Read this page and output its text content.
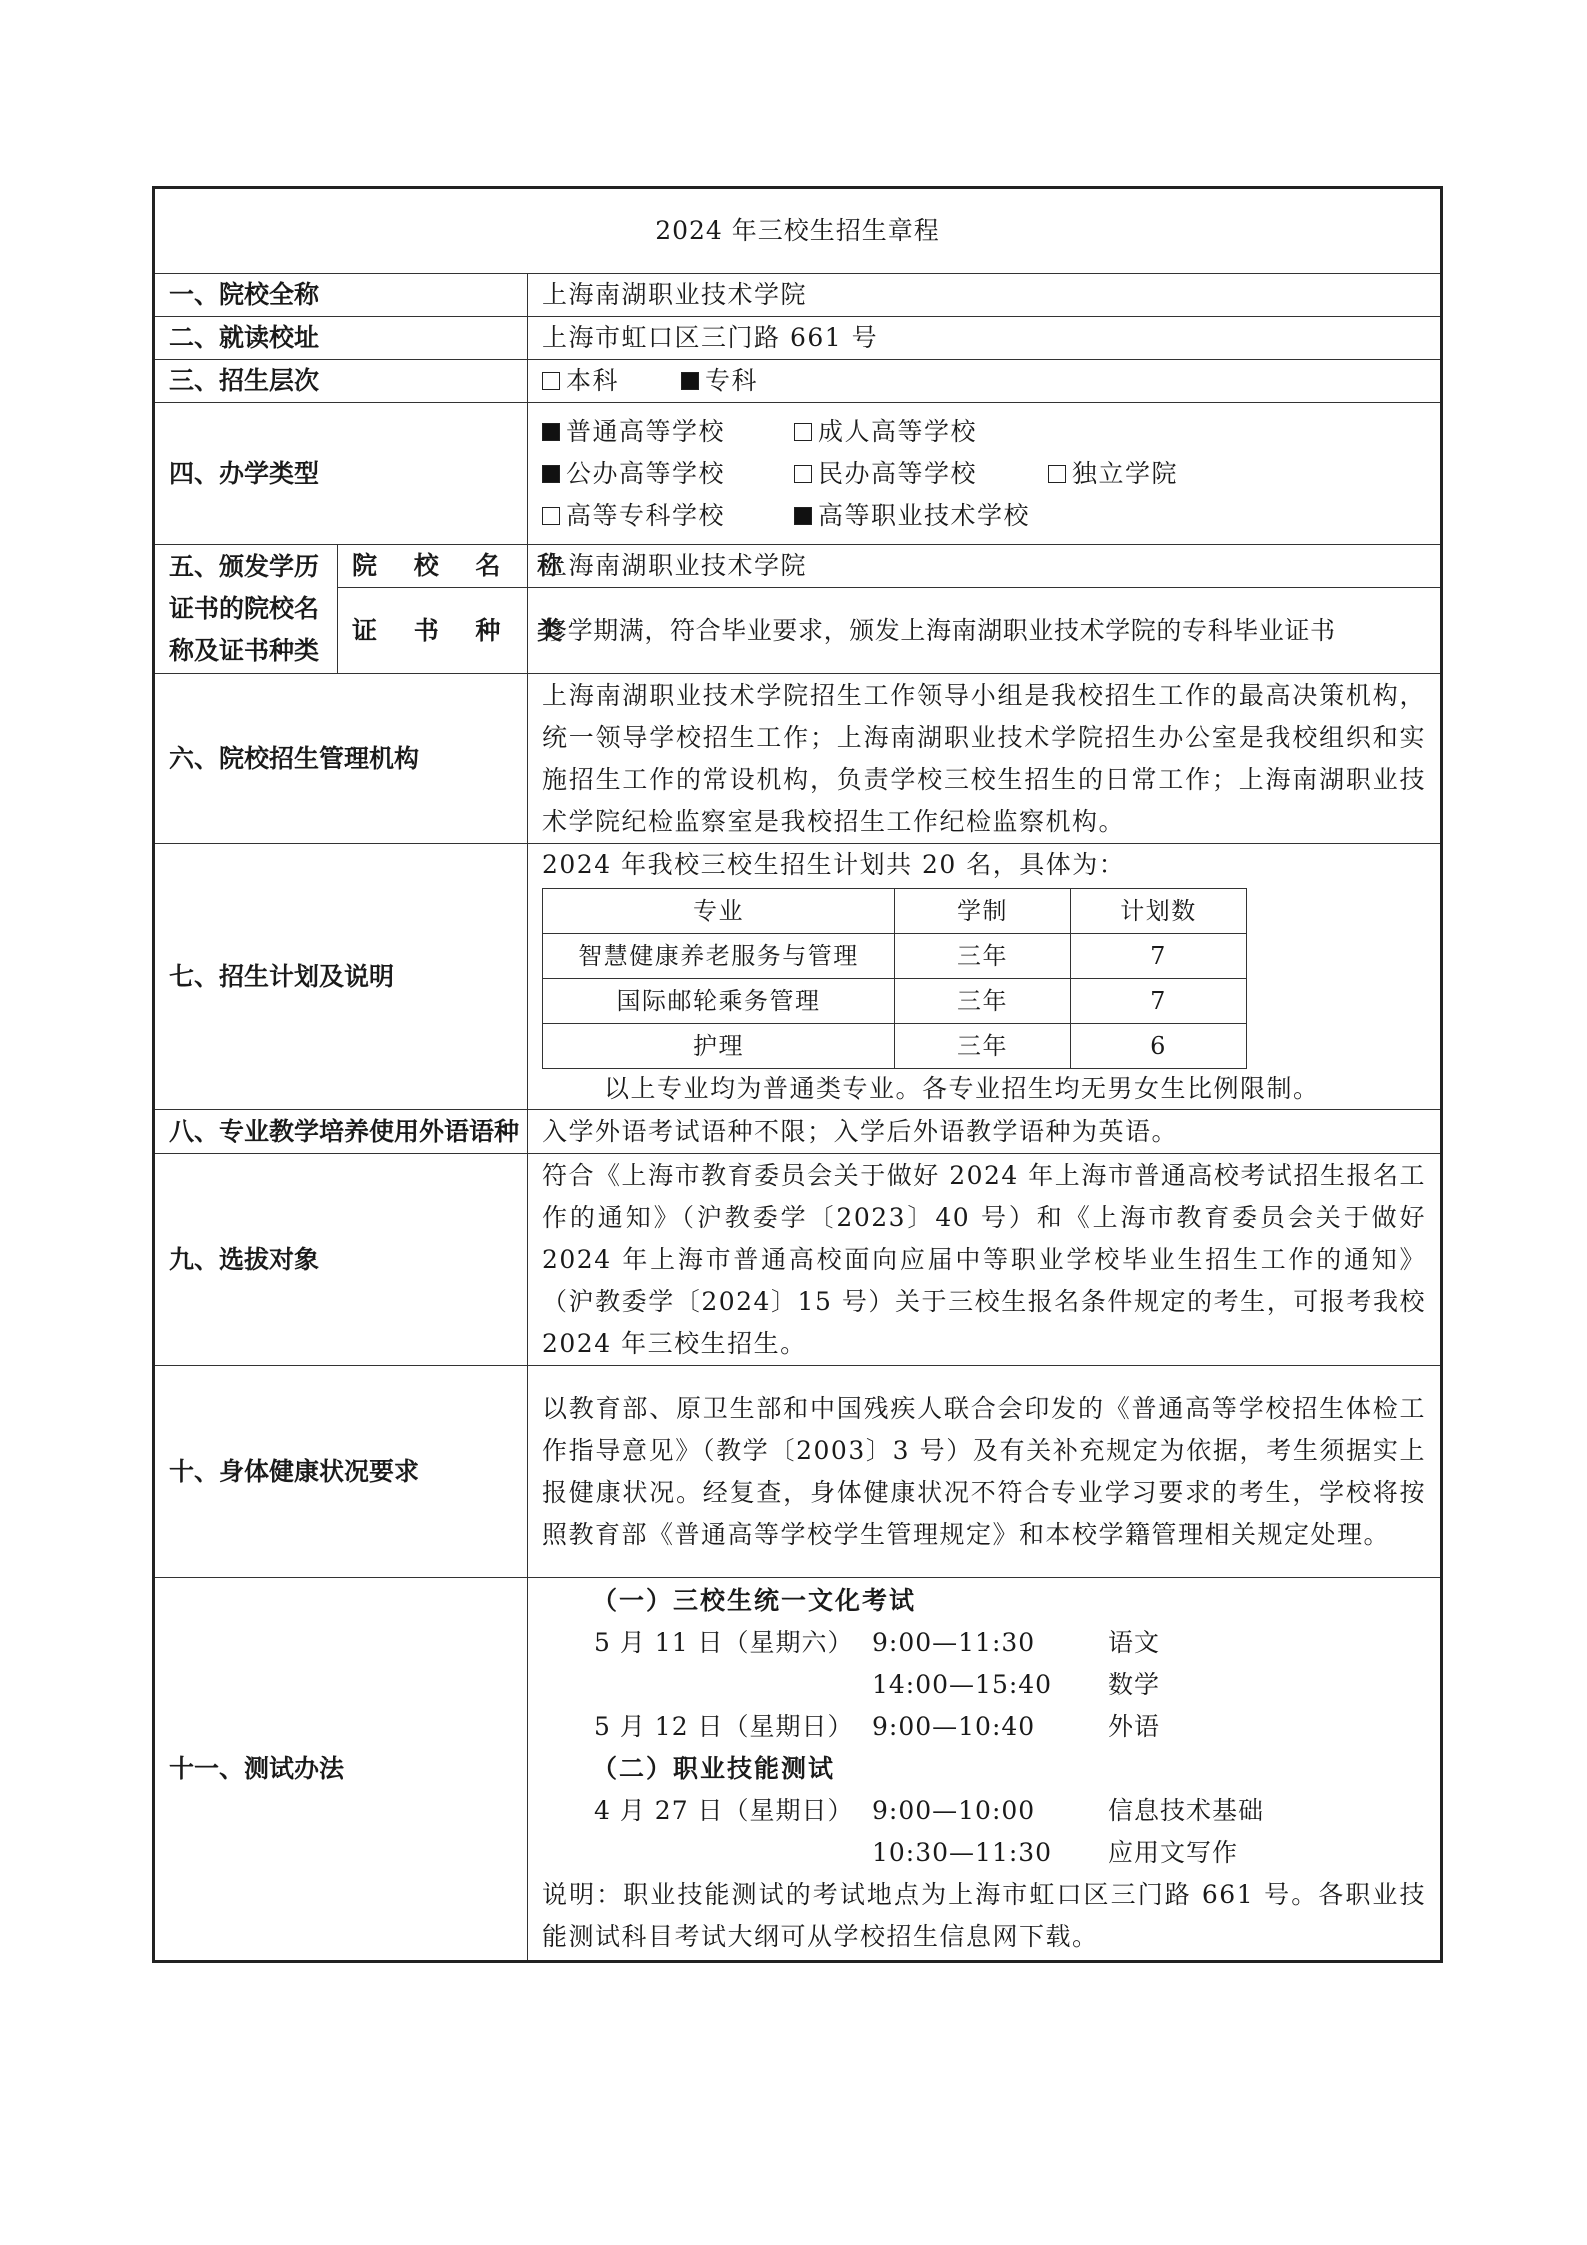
2024 年三校生招生章程
一、院校全称	上海南湖职业技术学院
二、就读校址	上海市虹口区三门路 661 号
三、招生层次	本科	专科

四、办学类型	
普通高等学校	成人高等学校
公办高等学校	民办高等学校	独立学院
高等专科学校	高等职业技术学校

五、颁发学历证书的院校名称及证书种类	院 校 名 称	上海南湖职业技术学院
证 书 种 类	修学期满，符合毕业要求，颁发上海南湖职业技术学院的专科毕业证书
六、院校招生管理机构	上海南湖职业技术学院招生工作领导小组是我校招生工作的最高决策机构，统一领导学校招生工作；上海南湖职业技术学院招生办公室是我校组织和实施招生工作的常设机构，负责学校三校生招生的日常工作；上海南湖职业技术学院纪检监察室是我校招生工作纪检监察机构。
七、招生计划及说明	
2024 年我校三校生招生计划共 20 名，具体为：
专业	学制	计划数
智慧健康养老服务与管理	三年	7
国际邮轮乘务管理	三年	7
护理	三年	6
以上专业均为普通类专业。各专业招生均无男女生比例限制。

八、专业教学培养使用外语语种	入学外语考试语种不限；入学后外语教学语种为英语。
九、选拔对象	符合《上海市教育委员会关于做好 2024 年上海市普通高校考试招生报名工作的通知》（沪教委学〔2023〕40 号）和《上海市教育委员会关于做好 2024 年上海市普通高校面向应届中等职业学校毕业生招生工作的通知》（沪教委学〔2024〕15 号）关于三校生报名条件规定的考生，可报考我校 2024 年三校生招生。
十、身体健康状况要求	以教育部、原卫生部和中国残疾人联合会印发的《普通高等学校招生体检工作指导意见》（教学〔2003〕3 号）及有关补充规定为依据，考生须据实上报健康状况。经复查，身体健康状况不符合专业学习要求的考生，学校将按照教育部《普通高等学校学生管理规定》和本校学籍管理相关规定处理。
十一、测试办法	
（一）三校生统一文化考试
5 月 11 日（星期六） 9:00—11:30	语文
14:00—15:40	数学
5 月 12 日（星期日） 9:00—10:40	外语
（二）职业技能测试
4 月 27 日（星期日） 9:00—10:00	信息技术基础
10:30—11:30	应用文写作
说明：职业技能测试的考试地点为上海市虹口区三门路 661 号。各职业技能测试科目考试大纲可从学校招生信息网下载。
